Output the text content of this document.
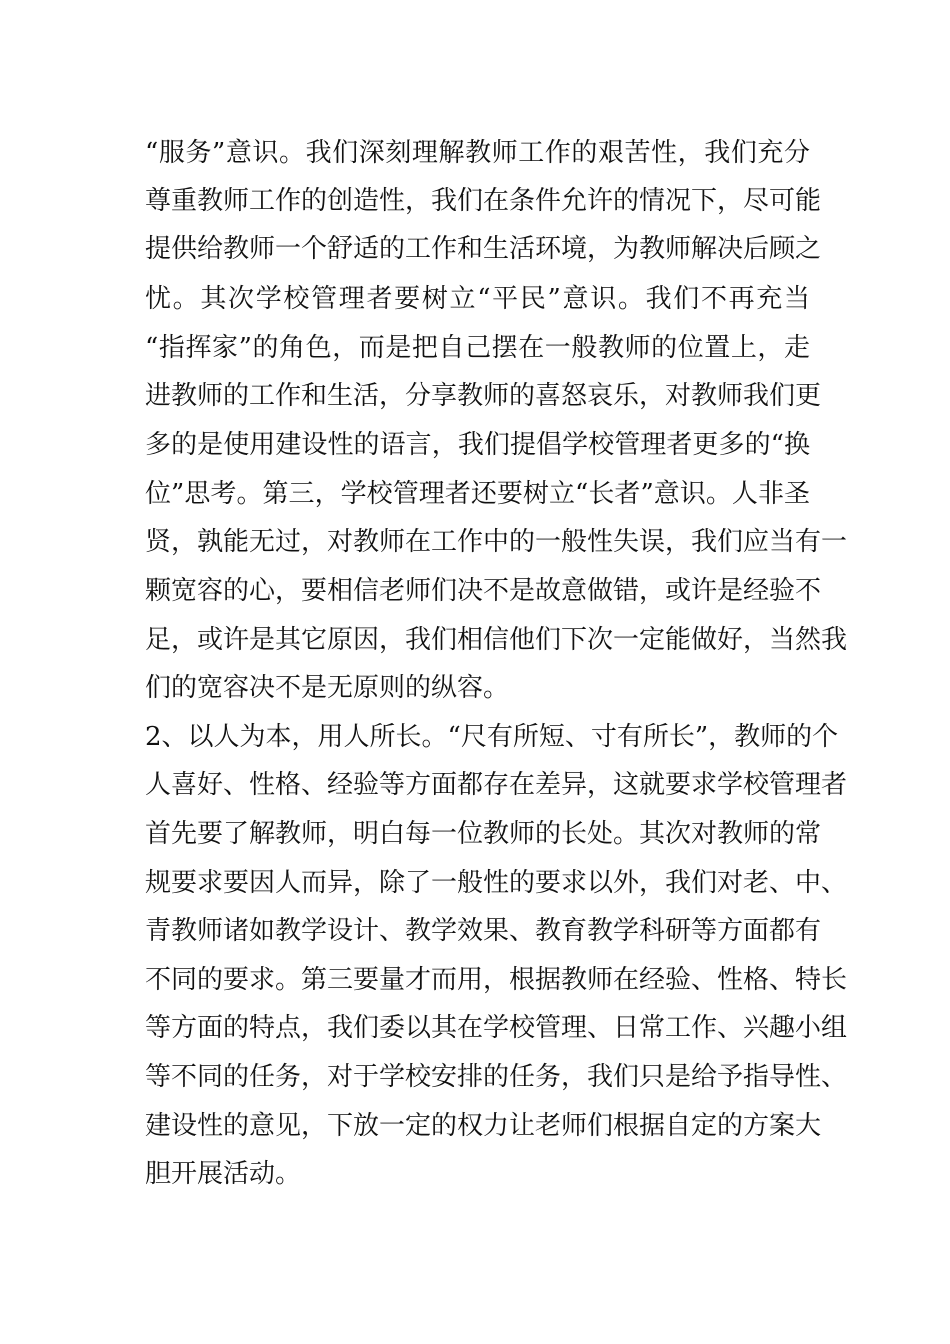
“服务”意识。我们深刻理解教师工作的艰苦性，我们充分
尊重教师工作的创造性，我们在条件允许的情况下，尽可能
提供给教师一个舒适的工作和生活环境，为教师解决后顾之
忧。其次学校管理者要树立“平民”意识。我们不再充当
“指挥家”的角色，而是把自己摆在一般教师的位置上，走
进教师的工作和生活，分享教师的喜怒哀乐，对教师我们更
多的是使用建设性的语言，我们提倡学校管理者更多的“换
位”思考。第三，学校管理者还要树立“长者”意识。人非圣
贤，孰能无过，对教师在工作中的一般性失误，我们应当有一
颗宽容的心，要相信老师们决不是故意做错，或许是经验不
足，或许是其它原因，我们相信他们下次一定能做好，当然我
们的宽容决不是无原则的纵容。
2、以人为本，用人所长。“尺有所短、寸有所长”，教师的个
人喜好、性格、经验等方面都存在差异，这就要求学校管理者
首先要了解教师，明白每一位教师的长处。其次对教师的常
规要求要因人而异，除了一般性的要求以外，我们对老、中、
青教师诸如教学设计、教学效果、教育教学科研等方面都有
不同的要求。第三要量才而用，根据教师在经验、性格、特长
等方面的特点，我们委以其在学校管理、日常工作、兴趣小组
等不同的任务，对于学校安排的任务，我们只是给予指导性、
建设性的意见，下放一定的权力让老师们根据自定的方案大
胆开展活动。
